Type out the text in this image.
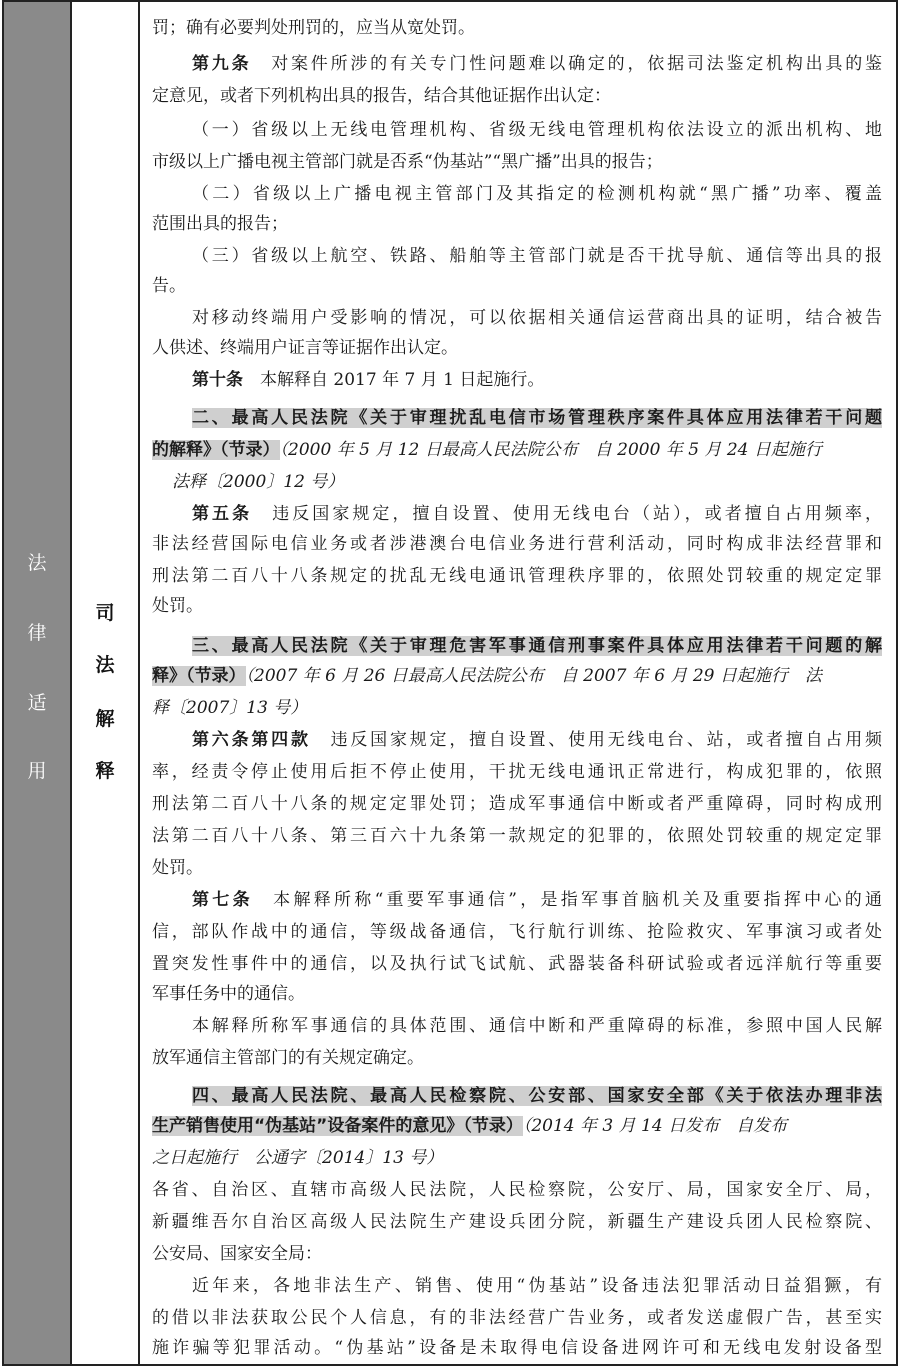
法
律
适
用
司
法
解
释
罚；确有必要判处刑罚的，应当从宽处罚。
第九条　 对案件所涉的有关专门性问题难以确定的，依据司法鉴定机构出具的鉴
定意见，或者下列机构出具的报告，结合其他证据作出认定：
（一）省级以上无线电管理机构、省级无线电管理机构依法设立的派出机构、地
市级以上广播电视主管部门就是否系“伪基站”“黑广播”出具的报告；
（二）省级以上广播电视主管部门及其指定的检测机构就“黑广播”功率、覆盖
范围出具的报告；
（三）省级以上航空、铁路、船舶等主管部门就是否干扰导航、通信等出具的报
告。
对移动终端用户受影响的情况，可以依据相关通信运营商出具的证明，结合被告
人供述、终端用户证言等证据作出认定。
第十条　 本解释自 2017 年 7 月 1 日起施行。
二、最高人民法院《关于审理扰乱电信市场管理秩序案件具体应用法律若干问题
的解释》（节录）（2000 年 5 月 12 日最高人民法院公布　自 2000 年 5 月 24 日起施行
法释〔2000〕12 号）
第五条　 违反国家规定，擅自设置、使用无线电台（站），或者擅自占用频率，
非法经营国际电信业务或者涉港澳台电信业务进行营利活动，同时构成非法经营罪和
刑法第二百八十八条规定的扰乱无线电通讯管理秩序罪的，依照处罚较重的规定定罪
处罚。
三、最高人民法院《关于审理危害军事通信刑事案件具体应用法律若干问题的解
释》（节录）（2007 年 6 月 26 日最高人民法院公布　自 2007 年 6 月 29 日起施行　法
释〔2007〕13 号）
第六条第四款　 违反国家规定，擅自设置、使用无线电台、站，或者擅自占用频
率，经责令停止使用后拒不停止使用，干扰无线电通讯正常进行，构成犯罪的，依照
刑法第二百八十八条的规定定罪处罚；造成军事通信中断或者严重障碍，同时构成刑
法第二百八十八条、第三百六十九条第一款规定的犯罪的，依照处罚较重的规定定罪
处罚。
第七条　 本解释所称“重要军事通信”，是指军事首脑机关及重要指挥中心的通
信，部队作战中的通信，等级战备通信，飞行航行训练、抢险救灾、军事演习或者处
置突发性事件中的通信，以及执行试飞试航、武器装备科研试验或者远洋航行等重要
军事任务中的通信。
本解释所称军事通信的具体范围、通信中断和严重障碍的标准，参照中国人民解
放军通信主管部门的有关规定确定。
四、最高人民法院、最高人民检察院、公安部、国家安全部《关于依法办理非法
生产销售使用“伪基站”设备案件的意见》（节录）（2014 年 3 月 14 日发布　自发布
之日起施行　公通字〔2014〕13 号）
各省、自治区、直辖市高级人民法院，人民检察院，公安厅、局，国家安全厅、局，
新疆维吾尔自治区高级人民法院生产建设兵团分院，新疆生产建设兵团人民检察院、
公安局、国家安全局：
近年来，各地非法生产、销售、使用“伪基站”设备违法犯罪活动日益猖獗，有
的借以非法获取公民个人信息，有的非法经营广告业务，或者发送虚假广告，甚至实
施诈骗等犯罪活动。“伪基站”设备是未取得电信设备进网许可和无线电发射设备型
